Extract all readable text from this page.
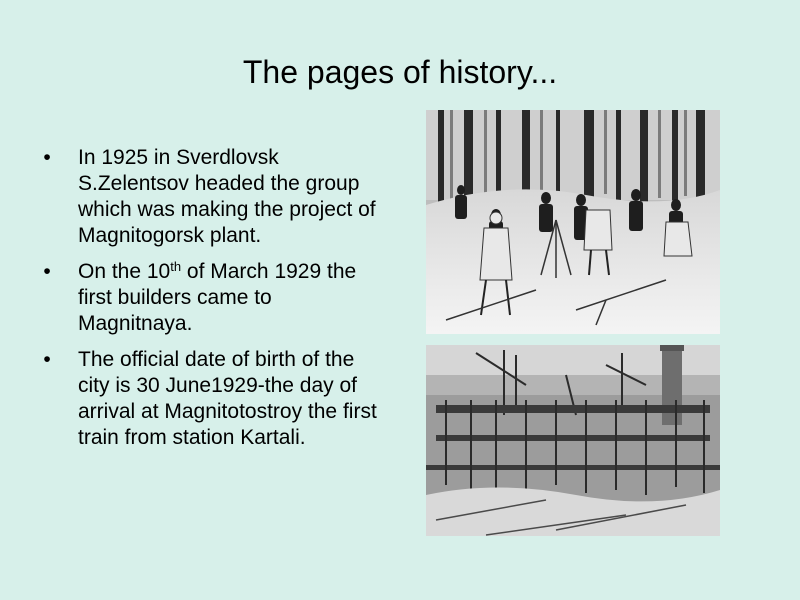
The pages of history...
• In 1925 in Sverdlovsk S.Zelentsov headed the group which was making the project of Magnitogorsk plant.
• On the 10th of March 1929 the first builders came to Magnitnaya.
• The official date of birth of the city is 30 June1929-the day of arrival at Magnitotostroy the first train from station Kartali.
